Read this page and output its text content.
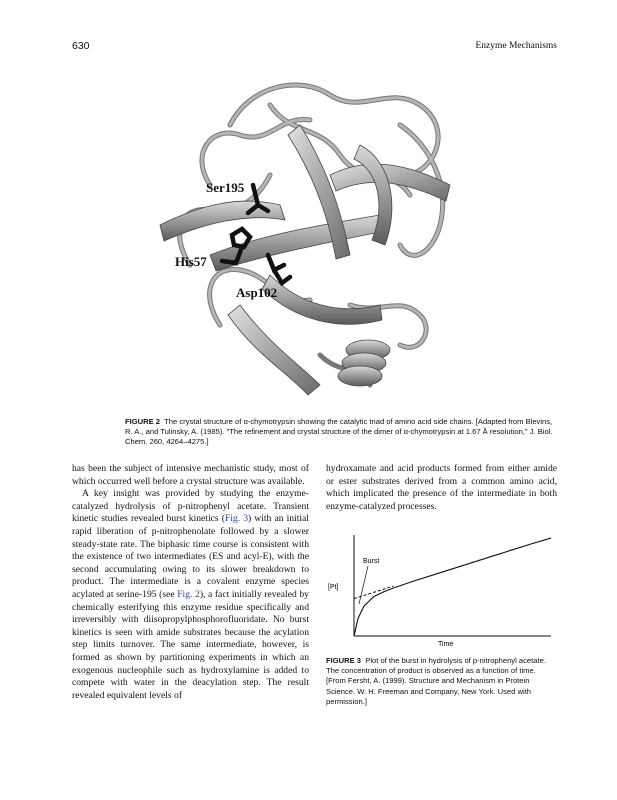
630	Enzyme Mechanisms
Ser195
His57
Asp102
FIGURE 2 The crystal structure of α-chymotrypsin showing the catalytic triad of amino acid side chains. [Adapted from Blevins, R. A., and Tulinsky, A. (1985). "The refinement and crystal structure of the dimer of α-chymotrypsin at 1.67 Å resolution," J. Biol. Chem. 260, 4264–4275.]

has been the subject of intensive mechanistic study, most of which occurred well before a crystal structure was available.

A key insight was provided by studying the enzyme-catalyzed hydrolysis of p-nitrophenyl acetate. Transient kinetic studies revealed burst kinetics (Fig. 3) with an initial rapid liberation of p-nitrophenolate followed by a slower steady-state rate. The biphasic time course is consistent with the existence of two intermediates (ES and acyl-E), with the second accumulating owing to its slower breakdown to product. The intermediate is a covalent enzyme species acylated at serine-195 (see Fig. 2), a fact initially revealed by chemically esterifying this enzyme residue specifically and irreversibly with diisopropylphosphorofluoridate. No burst kinetics is seen with amide substrates because the acylation step limits turnover. The same intermediate, however, is formed as shown by partitioning experiments in which an exogenous nucleophile such as hydroxylamine is added to compete with water in the deacylation step. The result revealed equivalent levels of

hydroxamate and acid products formed from either amide or ester substrates derived from a common amino acid, which implicated the presence of the intermediate in both enzyme-catalyzed processes.

[Pt]
Time
Burst
FIGURE 3 Plot of the burst in hydrolysis of p-nitrophenyl acetate. The concentration of product is observed as a function of time. [From Fersht, A. (1999). Structure and Mechanism in Protein Science. W. H. Freeman and Company, New York. Used with permission.]
